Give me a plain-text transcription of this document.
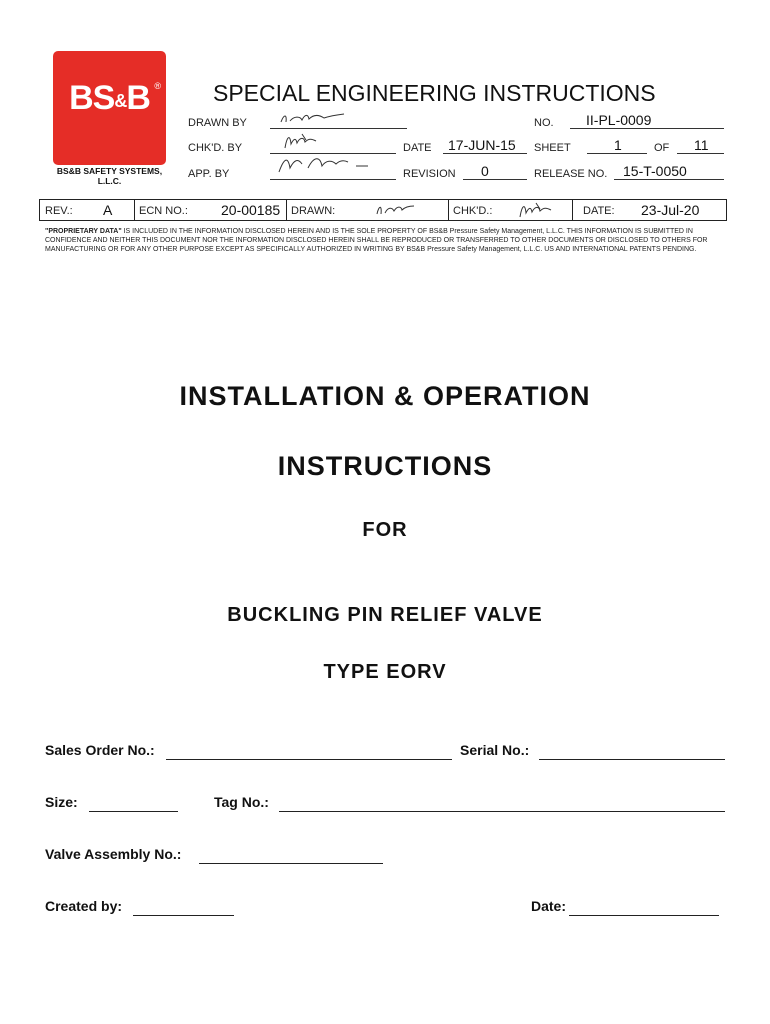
BS&B ®
BS&B SAFETY SYSTEMS, L.L.C.
SPECIAL ENGINEERING INSTRUCTIONS
DRAWN BY	NO. II-PL-0009
CHK'D. BY	DATE 17-JUN-15 SHEET	1	OF 11
APP. BY	REVISION 0	RELEASE NO. 15-T-0050
REV.: A ECN NO.: 20-00185 DRAWN:	CHK'D.:	DATE: 23-Jul-20
"PROPRIETARY DATA" IS INCLUDED IN THE INFORMATION DISCLOSED HEREIN AND IS THE SOLE PROPERTY OF BS&B Pressure Safety Management, L.L.C. THIS INFORMATION IS SUBMITTED IN CONFIDENCE AND NEITHER THIS DOCUMENT NOR THE INFORMATION DISCLOSED HEREIN SHALL BE REPRODUCED OR TRANSFERRED TO OTHER DOCUMENTS OR DISCLOSED TO OTHERS FOR MANUFACTURING OR FOR ANY OTHER PURPOSE EXCEPT AS SPECIFICALLY AUTHORIZED IN WRITING BY BS&B Pressure Safety Management, L.L.C. US AND INTERNATIONAL PATENTS PENDING.
INSTALLATION & OPERATION
INSTRUCTIONS
FOR
BUCKLING PIN RELIEF VALVE
TYPE EORV
Sales Order No.:	Serial No.:
Size:	Tag No.:
Valve Assembly No.:
Created by:	Date:
